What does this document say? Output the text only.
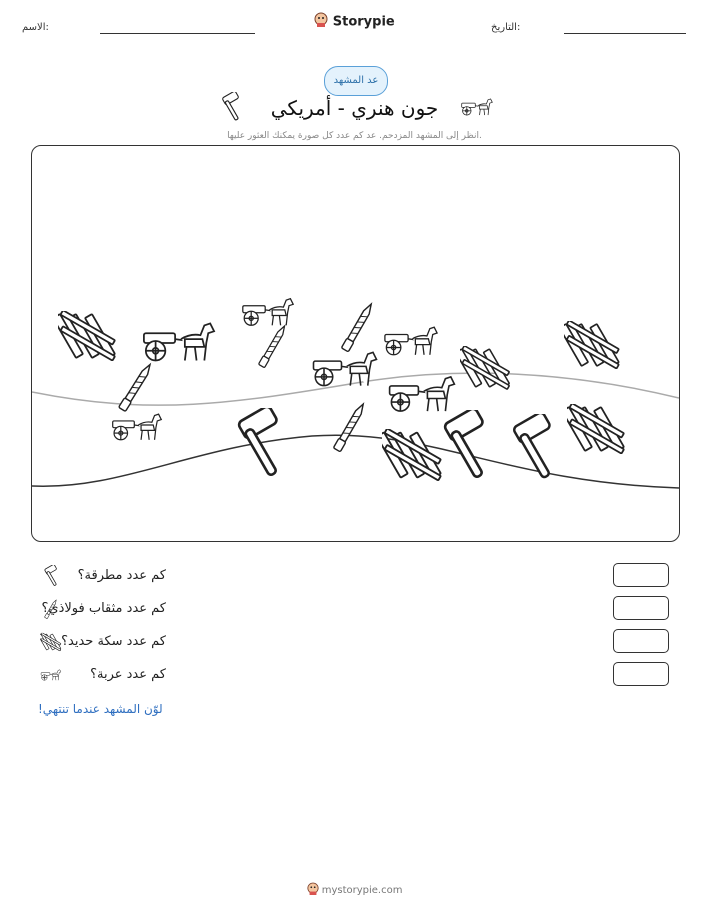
الاسم:	Storypie	التاريخ:
عد المشهد
جون هنري - أمريكي
انظر إلى المشهد المزدحم. عد كم عدد كل صورة يمكنك العثور عليها.
كم عدد مطرقة؟
كم عدد مثقاب فولاذي؟
كم عدد سكة حديد؟
كم عدد عربة؟
لوّن المشهد عندما تنتهي!
mystorypie.com
